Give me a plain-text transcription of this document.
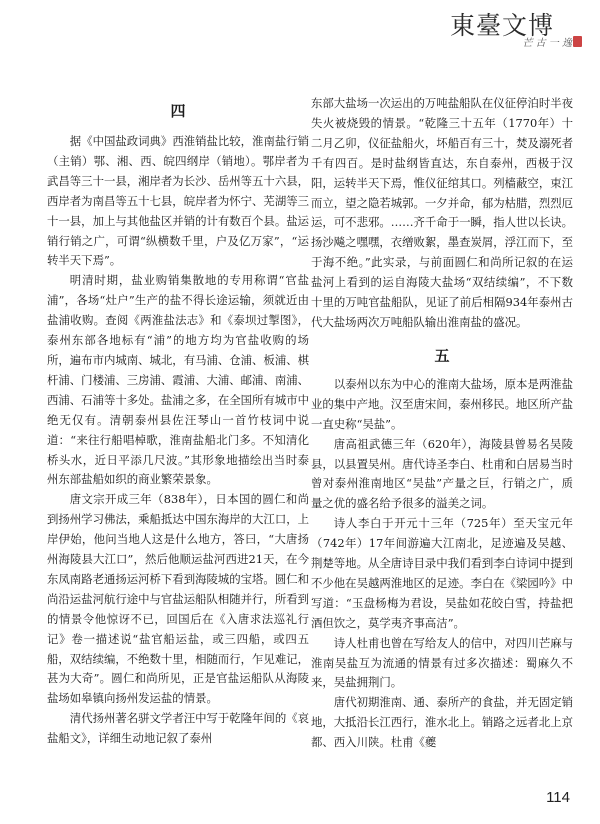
東臺文博
芒 古 一 逸
四

据《中国盐政词典》西淮销盐比较，淮南盐行销（主销）鄂、湘、西、皖四纲岸（销地）。鄂岸者为武昌等三十一县，湘岸者为长沙、岳州等五十六县，西岸者为南昌等五十七县，皖岸者为怀宁、芜湖等三十一县，加上与其他盐区并销的计有数百个县。盐运销行销之广，可谓“纵横数千里，户及亿万家”，“运转半天下焉”。

明清时期，盐业购销集散地的专用称谓“官盐浦”，各场“灶户”生产的盐不得长途运输，须就近由盐浦收购。查阅《两淮盐法志》和《泰坝过掣图》，泰州东部各地标有“浦”的地方均为官盐收购的场所，遍布市内城南、城北，有马浦、仓浦、板浦、棋杆浦、门楼浦、三房浦、霞浦、大浦、邮浦、南浦、西浦、石浦等十多处。盐浦之多，在全国所有城市中绝无仅有。清朝泰州县佐汪琴山一首竹枝词中说道：“来往行船唱棹歌，淮南盐船北门多。不知清化桥头水，近日平添几尺波。”其形象地描绘出当时泰州东部盐船如织的商业繁荣景象。

唐文宗开成三年（838年），日本国的圆仁和尚到扬州学习佛法，乘船抵达中国东海岸的大江口，上岸伊始，他问当地人这是什么地方，答曰，“大唐扬州海陵县大江口”，然后他顺运盐河西进21天，在今东凤南路老通扬运河桥下看到海陵城的宝塔。圆仁和尚沿运盐河航行途中与官盐运船队相随并行，所看到的情景令他惊讶不已，回国后在《入唐求法巡礼行记》卷一描述说“盐官船运盐，或三四船，或四五船，双结续编，不绝数十里，相随而行，乍见难记，甚为大奇”。圆仁和尚所见，正是官盐运船队从海陵盐场如皋镇向扬州发运盐的情景。

清代扬州著名骈文学者汪中写于乾隆年间的《哀盐船文》，详细生动地记叙了泰州

东部大盐场一次运出的万吨盐船队在仪征停泊时半夜失火被烧毁的情景。“乾隆三十五年（1770年）十二月乙卯，仪征盐船火，坏船百有三十，焚及溺死者千有四百。是时盐纲皆直达，东自泰州，西极于汉阳，运转半天下焉，惟仪征绾其口。列樯蔽空，束江而立，望之隐若城郭。一夕并命，郁为枯腊，烈烈厄运，可不悲邪。……齐千命于一瞬，指人世以长诀。扬沙飚之嘿嘿，衣缯败絮，墨查炭屑，浮江而下，至于海不绝。”此实录，与前面圆仁和尚所记叙的在运盐河上看到的运自海陵大盐场“双结续编”，不下数十里的万吨官盐船队，见证了前后相隔934年泰州古代大盐场两次万吨船队输出淮南盐的盛况。

五

以泰州以东为中心的淮南大盐场，原本是两淮盐业的集中产地。汉至唐宋间，泰州移民。地区所产盐一直史称“吴盐”。

唐高祖武德三年（620年），海陵县曾易名吴陵县，以县置吴州。唐代诗圣李白、杜甫和白居易当时曾对泰州淮南地区“吴盐”产量之巨，行销之广，质量之优的盛名给予很多的溢美之词。

诗人李白于开元十三年（725年）至天宝元年（742年）17年间游遍大江南北，足迹遍及吴越、荆楚等地。从全唐诗目录中我们看到李白诗词中提到不少他在吴越两淮地区的足迹。李白在《梁园吟》中写道：“玉盘杨梅为君设，吴盐如花皎白雪，持盐把酒但饮之，莫学夷齐事高洁”。

诗人杜甫也曾在写给友人的信中，对四川芒麻与淮南吴盐互为流通的情景有过多次描述：蜀麻久不来，吴盐拥荆门。

唐代初期淮南、通、泰所产的食盐，并无固定销地，大抵沿长江西行，淮水北上。销路之远者北上京都、西入川陕。杜甫《夔

114
